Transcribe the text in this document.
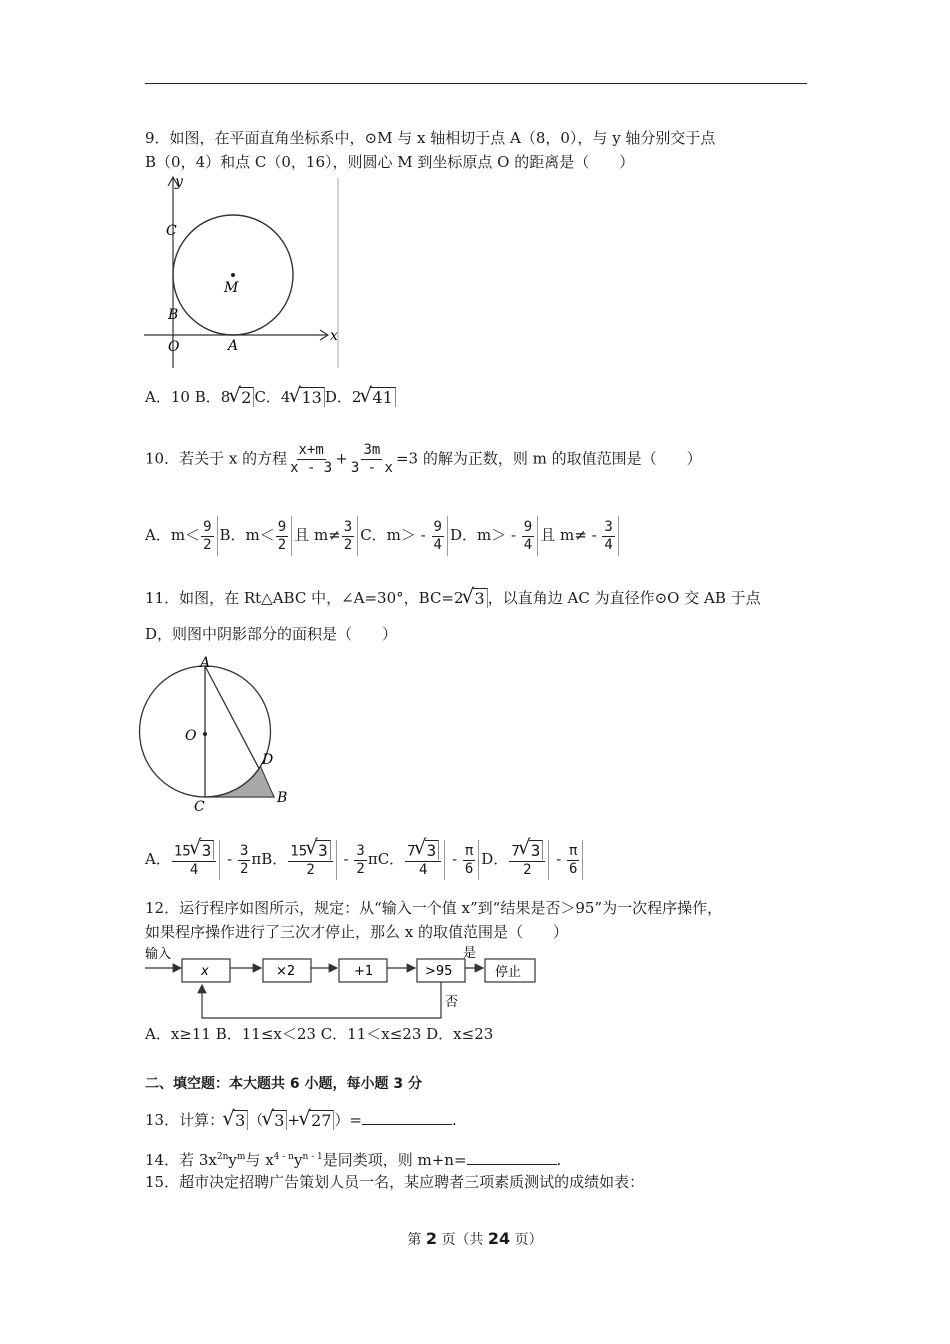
9．如图，在平面直角坐标系中，⊙M 与 x 轴相切于点 A（8，0），与 y 轴分别交于点
B（0，4）和点 C（0，16），则圆心 M 到坐标原点 O 的距离是（　　）
y
x
C
M
B
O	A
A．10 B．8 √ 2 C．4 √ 13 D．2 √ 41
10．若关于 x 的方程 $\frac{x+m}{x - 3} + \frac{3m}{3 - x} =3$ 的解为正数，则 m 的取值范围是（　　）
A．$m< \frac{9}{2}$ B．$m< \frac{9}{2}$ 且 $m\ne \frac{3}{2}$ C．$m> - \frac{9}{4}$ D．$m> - \frac{9}{4}$ 且 $m\ne - \frac{3}{4}$
11．如图，在 Rt△ABC 中，∠A=30°，BC=2 √ 3 ，以直角边 AC 为直径作⊙O 交 AB 于点
D，则图中阴影部分的面积是（　　）
A
O
D
C
B
A． $\frac{15 √ 3}{4} - \frac{3}{2}$ πB． $\frac{15 √ 3}{2} - \frac{3}{2}$ πC． $\frac{7 √ 3}{4} - \frac{\pi}{6}$ D． $\frac{7 √ 3}{2} - \frac{\pi}{6}$
12．运行程序如图所示，规定：从“输入一个值 x”到“结果是否＞95”为一次程序操作，
如果程序操作进行了三次才停止，那么 x 的取值范围是（　　）
输入
x	×2	+1	>95
是
停止
否
A．x≥11 B．11≤x＜23 C．11＜x≤23 D．x≤23
二、填空题：本大题共 6 小题，每小题 3 分
13．计算： √ 3 （ √ 3 + √ 27 ）=	.
14．若 $3x^{2n}y^m$与 $x^{4 - n}y^{n - 1}$是同类项，则 m+n=	.
15．超市决定招聘广告策划人员一名，某应聘者三项素质测试的成绩如表：
第 2 页（共 24 页）
